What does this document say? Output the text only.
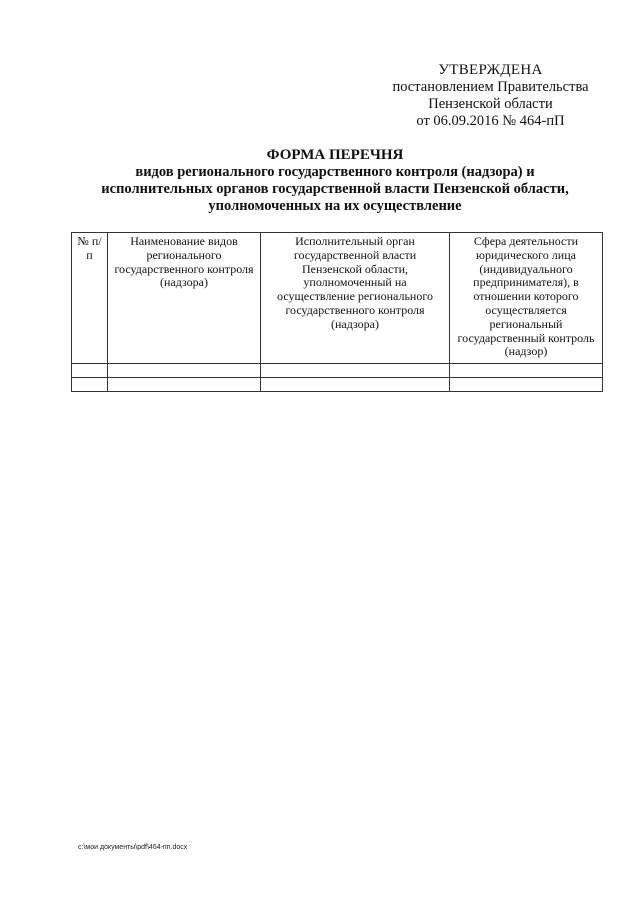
УТВЕРЖДЕНА
постановлением Правительства
Пензенской области
от 06.09.2016 № 464-пП
ФОРМА ПЕРЕЧНЯ
видов регионального государственного контроля (надзора) и
исполнительных органов государственной власти Пензенской области,
уполномоченных на их осуществление
№ п/п	Наименование видов регионального государственного контроля (надзора)	Исполнительный орган государственной власти Пензенской области, уполномоченный на осуществление регионального государственного контроля (надзора)	Сфера деятельности юридического лица (индивидуального предпринимателя), в отношении которого осуществляется региональный государственный контроль (надзор)

c:\мои документы\pdf\464-пп.docx
